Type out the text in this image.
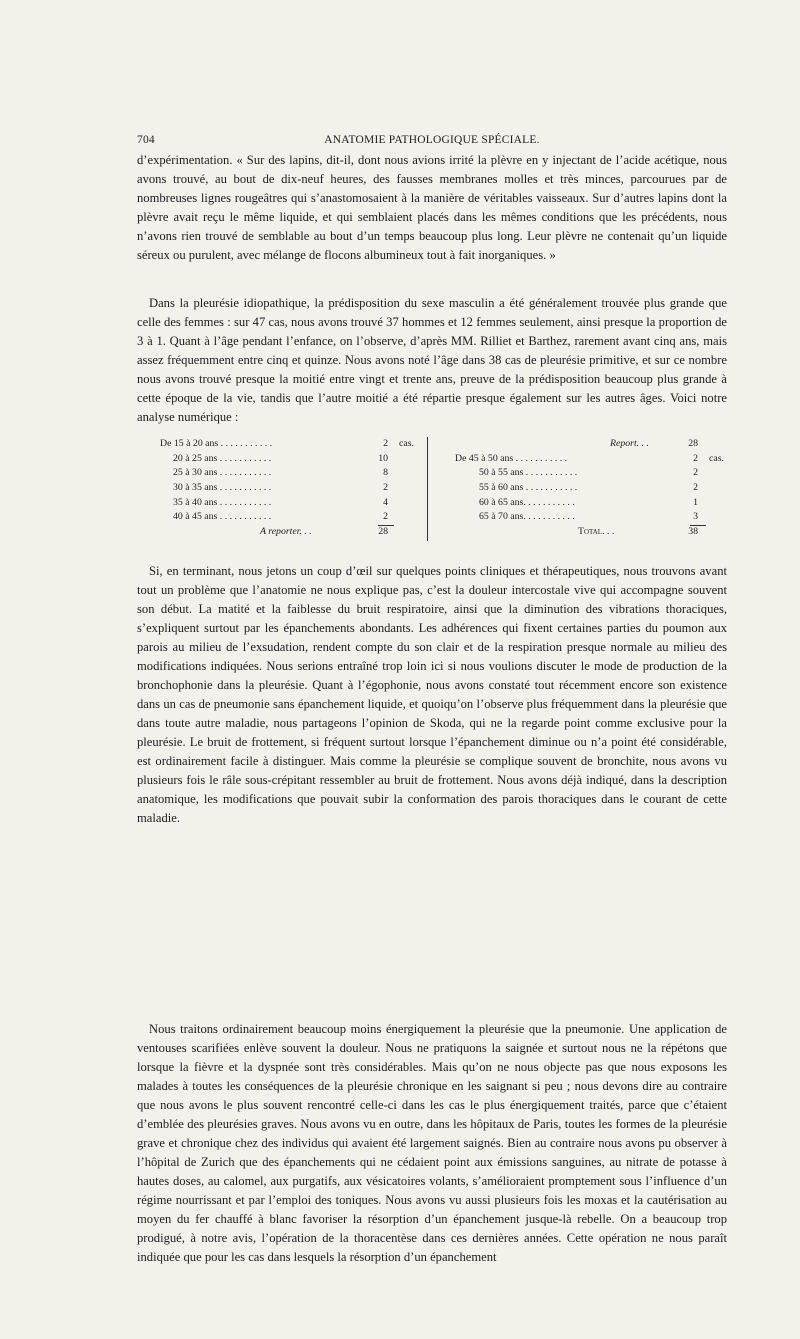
704	ANATOMIE PATHOLOGIQUE SPÉCIALE.

d’expérimentation. « Sur des lapins, dit-il, dont nous avions irrité la plèvre en y injectant de l’acide acétique, nous avons trouvé, au bout de dix-neuf heures, des fausses membranes molles et très minces, parcourues par de nombreuses lignes rougeâtres qui s’anastomosaient à la manière de véritables vaisseaux. Sur d’autres lapins dont la plèvre avait reçu le même liquide, et qui semblaient placés dans les mêmes conditions que les précédents, nous n’avons rien trouvé de semblable au bout d’un temps beaucoup plus long. Leur plèvre ne contenait qu’un liquide séreux ou purulent, avec mélange de flocons albumineux tout à fait inorganiques. »

Dans la pleurésie idiopathique, la prédisposition du sexe masculin a été généralement trouvée plus grande que celle des femmes : sur 47 cas, nous avons trouvé 37 hommes et 12 femmes seulement, ainsi presque la proportion de 3 à 1. Quant à l’âge pendant l’enfance, on l’observe, d’après MM. Rilliet et Barthez, rarement avant cinq ans, mais assez fréquemment entre cinq et quinze. Nous avons noté l’âge dans 38 cas de pleurésie primitive, et sur ce nombre nous avons trouvé presque la moitié entre vingt et trente ans, preuve de la prédisposition beaucoup plus grande à cette époque de la vie, tandis que l’autre moitié a été répartie presque également sur les autres âges. Voici notre analyse numérique :

De 15 à 20 ans . . . . . . . . . . .	2 cas.
20 à 25 ans . . . . . . . . . . .	10
25 à 30 ans . . . . . . . . . . .	8
30 à 35 ans . . . . . . . . . . .	2
35 à 40 ans . . . . . . . . . . .	4
40 à 45 ans . . . . . . . . . . .	2
A reporter. . .	28
Report. . .	28
De 45 à 50 ans . . . . . . . . . . .	2 cas.
50 à 55 ans . . . . . . . . . . .	2
55 à 60 ans . . . . . . . . . . .	2
60 à 65 ans. . . . . . . . . . .	1
65 à 70 ans. . . . . . . . . . .	3
Total. . .	38

Si, en terminant, nous jetons un coup d’œil sur quelques points cliniques et thérapeutiques, nous trouvons avant tout un problème que l’anatomie ne nous explique pas, c’est la douleur intercostale vive qui accompagne souvent son début. La matité et la faiblesse du bruit respiratoire, ainsi que la diminution des vibrations thoraciques, s’expliquent surtout par les épanchements abondants. Les adhérences qui fixent certaines parties du poumon aux parois au milieu de l’exsudation, rendent compte du son clair et de la respiration presque normale au milieu des modifications indiquées. Nous serions entraîné trop loin ici si nous voulions discuter le mode de production de la bronchophonie dans la pleurésie. Quant à l’égophonie, nous avons constaté tout récemment encore son existence dans un cas de pneumonie sans épanchement liquide, et quoiqu’on l’observe plus fréquemment dans la pleurésie que dans toute autre maladie, nous partageons l’opinion de Skoda, qui ne la regarde point comme exclusive pour la pleurésie. Le bruit de frottement, si fréquent surtout lorsque l’épanchement diminue ou n’a point été considérable, est ordinairement facile à distinguer. Mais comme la pleurésie se complique souvent de bronchite, nous avons vu plusieurs fois le râle sous-crépitant ressembler au bruit de frottement. Nous avons déjà indiqué, dans la description anatomique, les modifications que pouvait subir la conformation des parois thoraciques dans le courant de cette maladie.

Nous traitons ordinairement beaucoup moins énergiquement la pleurésie que la pneumonie. Une application de ventouses scarifiées enlève souvent la douleur. Nous ne pratiquons la saignée et surtout nous ne la répétons que lorsque la fièvre et la dyspnée sont très considérables. Mais qu’on ne nous objecte pas que nous exposons les malades à toutes les conséquences de la pleurésie chronique en les saignant si peu ; nous devons dire au contraire que nous avons le plus souvent rencontré celle-ci dans les cas le plus énergiquement traités, parce que c’étaient d’emblée des pleurésies graves. Nous avons vu en outre, dans les hôpitaux de Paris, toutes les formes de la pleurésie grave et chronique chez des individus qui avaient été largement saignés. Bien au contraire nous avons pu observer à l’hôpital de Zurich que des épanchements qui ne cédaient point aux émissions sanguines, au nitrate de potasse à hautes doses, au calomel, aux purgatifs, aux vésicatoires volants, s’amélioraient promptement sous l’influence d’un régime nourrissant et par l’emploi des toniques. Nous avons vu aussi plusieurs fois les moxas et la cautérisation au moyen du fer chauffé à blanc favoriser la résorption d’un épanchement jusque-là rebelle. On a beaucoup trop prodigué, à notre avis, l’opération de la thoracentèse dans ces dernières années. Cette opération ne nous paraît indiquée que pour les cas dans lesquels la résorption d’un épanchement
